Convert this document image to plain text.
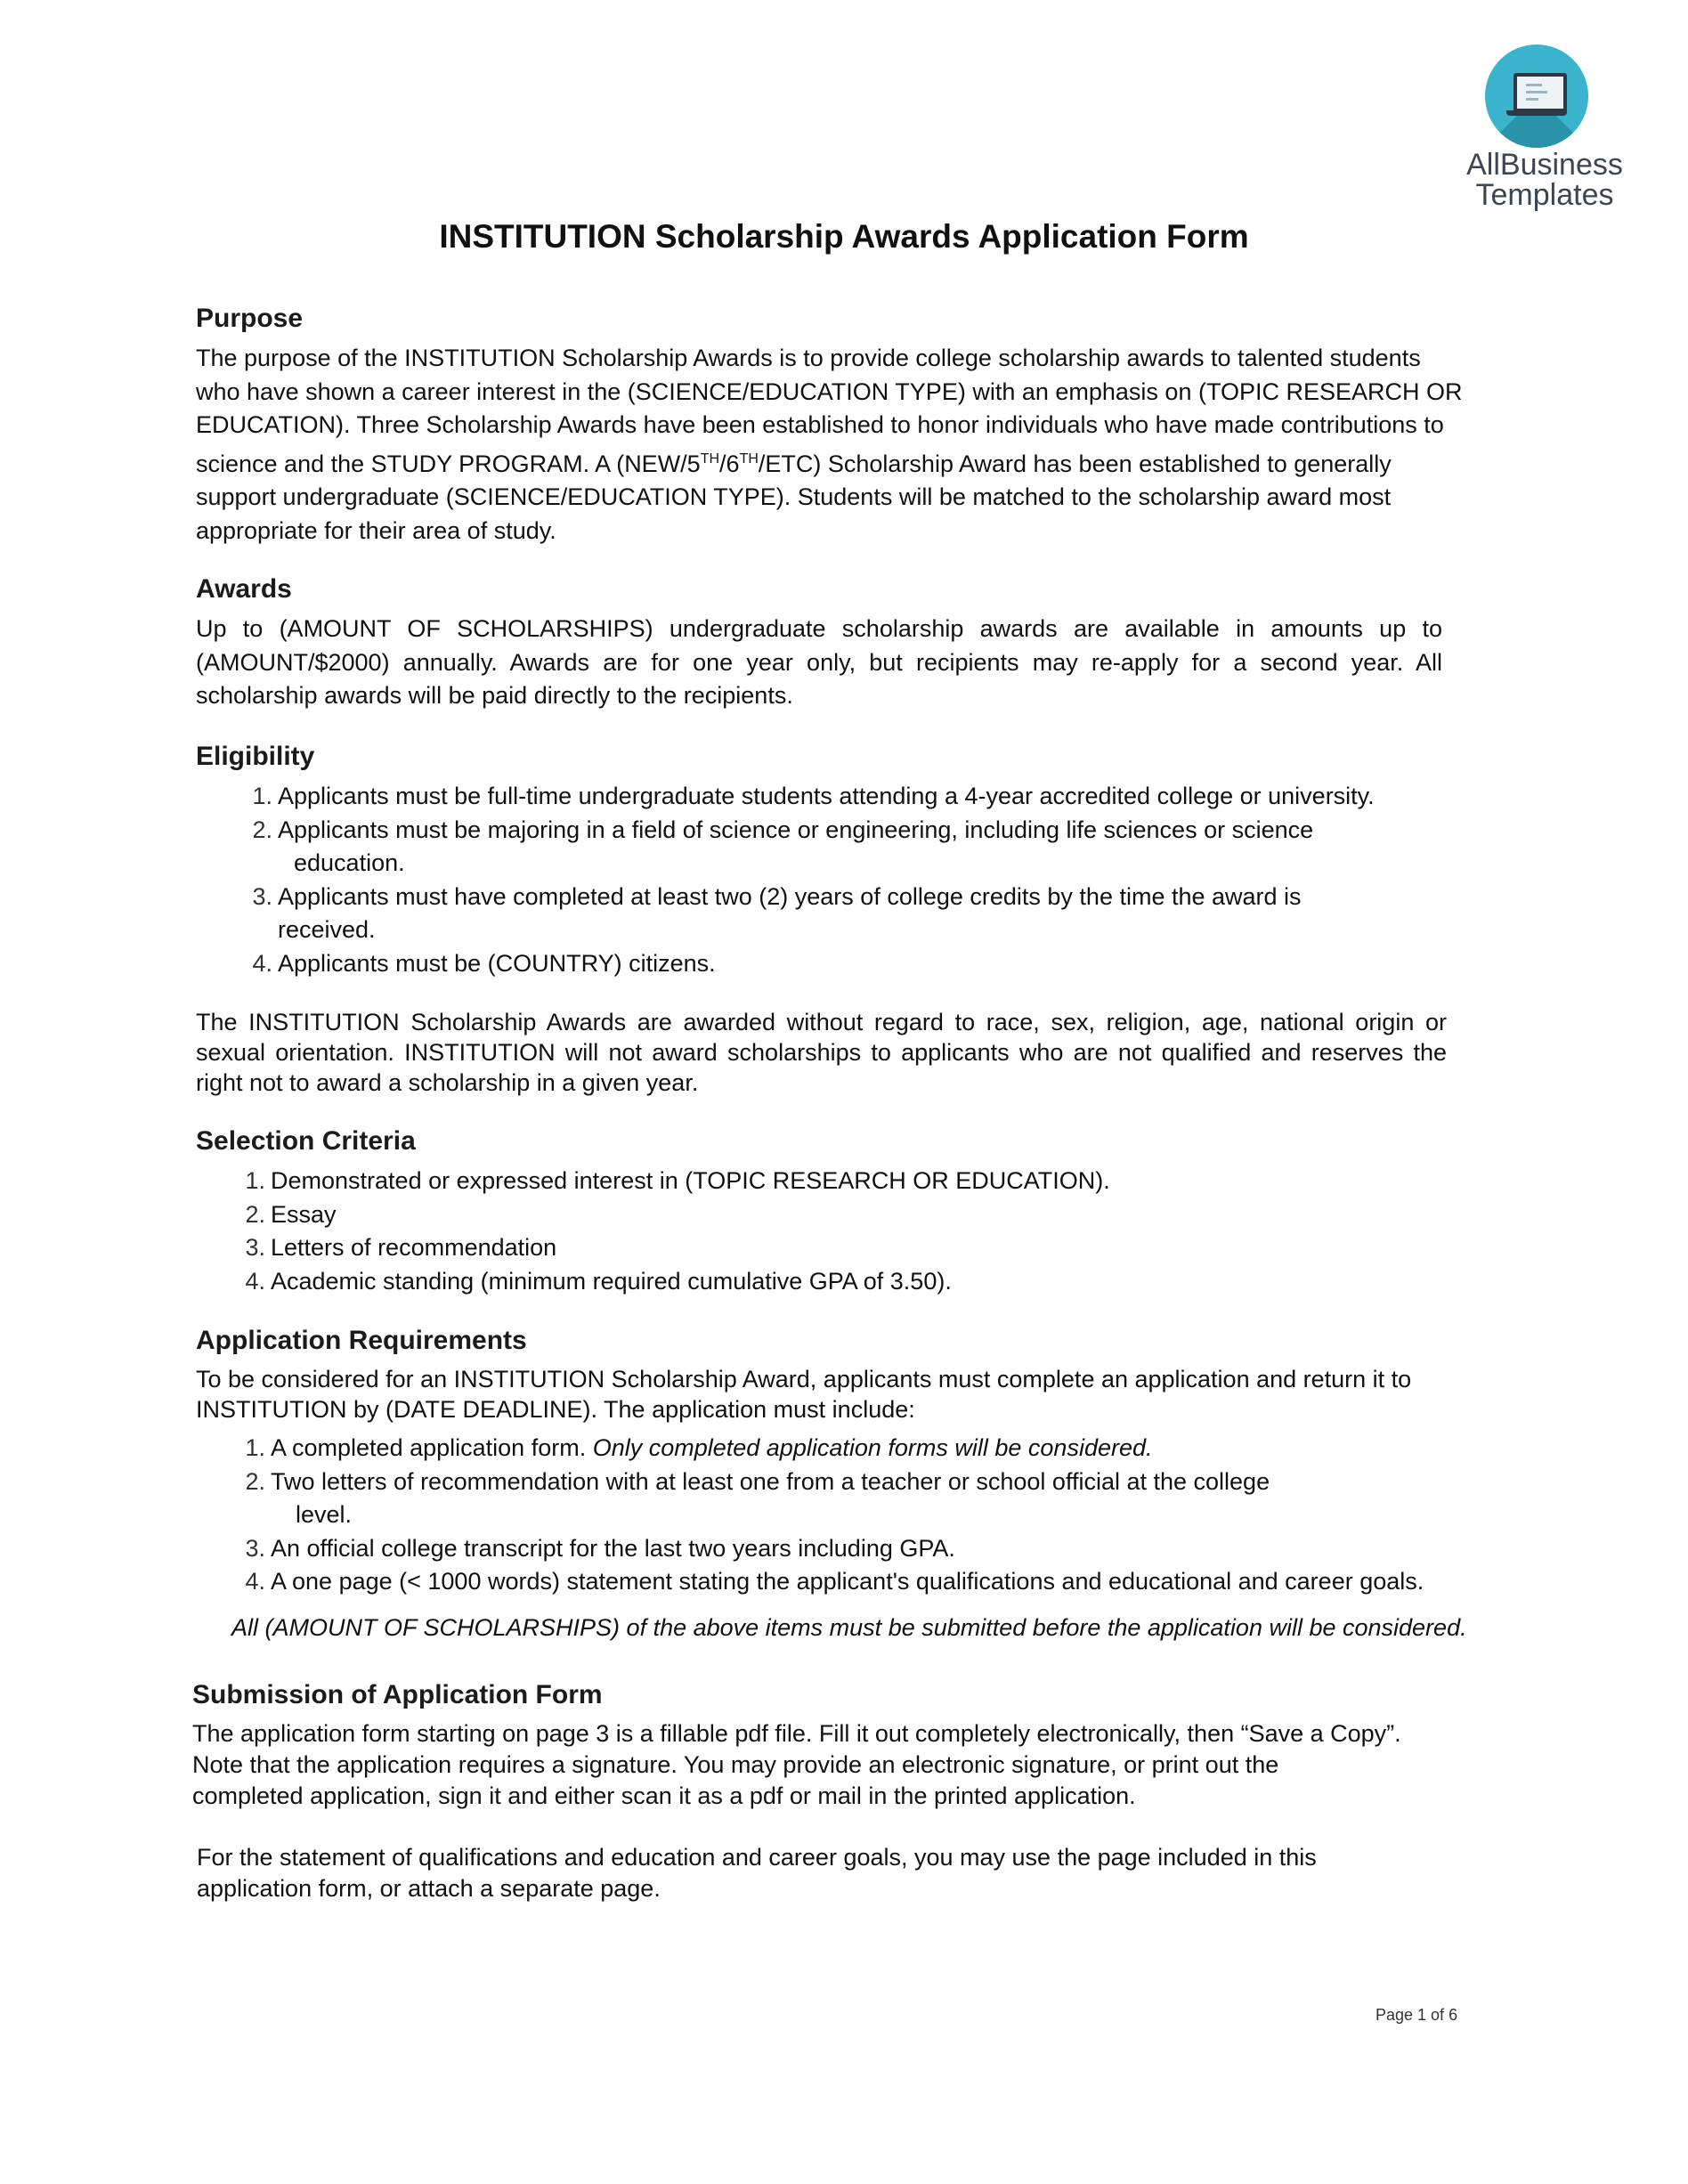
AllBusiness
Templates
INSTITUTION Scholarship Awards Application Form
Purpose

The purpose of the INSTITUTION Scholarship Awards is to provide college scholarship awards to talented students

who have shown a career interest in the (SCIENCE/EDUCATION TYPE) with an emphasis on (TOPIC RESEARCH OR

EDUCATION). Three Scholarship Awards have been established to honor individuals who have made contributions to

science and the STUDY PROGRAM. A (NEW/5TH/6TH/ETC) Scholarship Award has been established to generally

support undergraduate (SCIENCE/EDUCATION TYPE). Students will be matched to the scholarship award most

appropriate for their area of study.

Awards

Up to (AMOUNT OF SCHOLARSHIPS) undergraduate scholarship awards are available in amounts up to (AMOUNT/$2000) annually. Awards are for one year only, but recipients may re-apply for a second year. All scholarship awards will be paid directly to the recipients.

Eligibility
1. Applicants must be full-time undergraduate students attending a 4-year accredited college or university.
2. Applicants must be majoring in a field of science or engineering, including life sciences or science
education.
3. Applicants must have completed at least two (2) years of college credits by the time the award is
received.
4. Applicants must be (COUNTRY) citizens.

The INSTITUTION Scholarship Awards are awarded without regard to race, sex, religion, age, national origin or sexual orientation. INSTITUTION will not award scholarships to applicants who are not qualified and reserves the right not to award a scholarship in a given year.

Selection Criteria
1. Demonstrated or expressed interest in (TOPIC RESEARCH OR EDUCATION).
2. Essay
3. Letters of recommendation
4. Academic standing (minimum required cumulative GPA of 3.50).
Application Requirements

To be considered for an INSTITUTION Scholarship Award, applicants must complete an application and return it to

INSTITUTION by (DATE DEADLINE). The application must include:

1. A completed application form. Only completed application forms will be considered.
2. Two letters of recommendation with at least one from a teacher or school official at the college
level.
3. An official college transcript for the last two years including GPA.
4. A one page (< 1000 words) statement stating the applicant's qualifications and educational and career goals.

All (AMOUNT OF SCHOLARSHIPS) of the above items must be submitted before the application will be considered.

Submission of Application Form

The application form starting on page 3 is a fillable pdf file. Fill it out completely electronically, then “Save a Copy”.

Note that the application requires a signature. You may provide an electronic signature, or print out the

completed application, sign it and either scan it as a pdf or mail in the printed application.

For the statement of qualifications and education and career goals, you may use the page included in this

application form, or attach a separate page.

Page 1 of 6
